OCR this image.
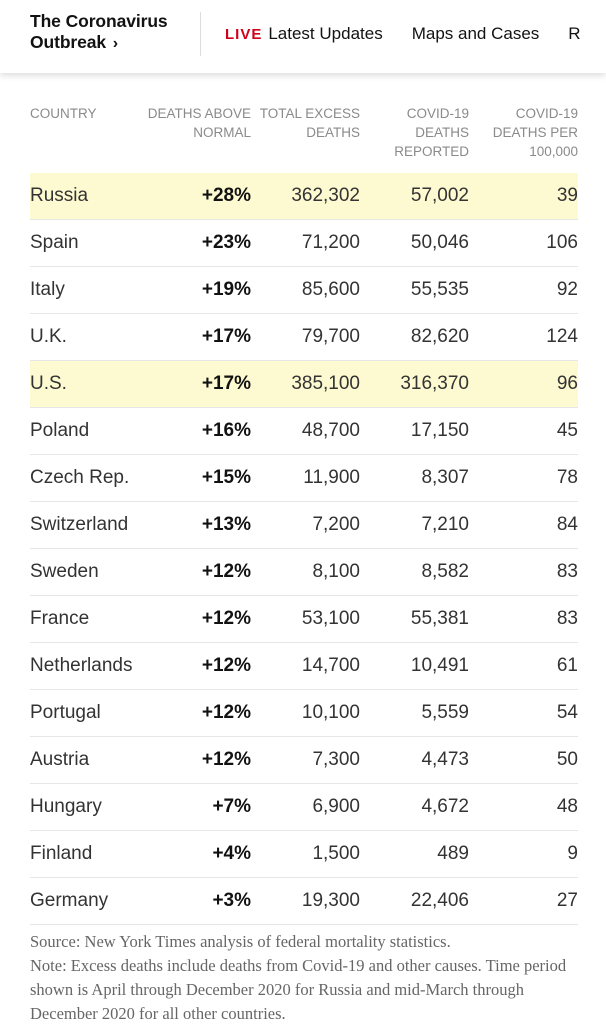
The Coronavirus
Outbreak ›
LIVE Latest Updates Maps and Cases R
COUNTRY	DEATHS ABOVE NORMAL	TOTAL EXCESS DEATHS	COVID-19 DEATHS REPORTED	COVID-19 DEATHS PER 100,000
Russia	+28%	362,302	57,002	39
Spain	+23%	71,200	50,046	106
Italy	+19%	85,600	55,535	92
U.K.	+17%	79,700	82,620	124
U.S.	+17%	385,100	316,370	96
Poland	+16%	48,700	17,150	45
Czech Rep.	+15%	11,900	8,307	78
Switzerland	+13%	7,200	7,210	84
Sweden	+12%	8,100	8,582	83
France	+12%	53,100	55,381	83
Netherlands	+12%	14,700	10,491	61
Portugal	+12%	10,100	5,559	54
Austria	+12%	7,300	4,473	50
Hungary	+7%	6,900	4,672	48
Finland	+4%	1,500	489	9
Germany	+3%	19,300	22,406	27

Source: New York Times analysis of federal mortality statistics.

Note: Excess deaths include deaths from Covid-19 and other causes. Time period shown is April through December 2020 for Russia and mid-March through December 2020 for all other countries.
